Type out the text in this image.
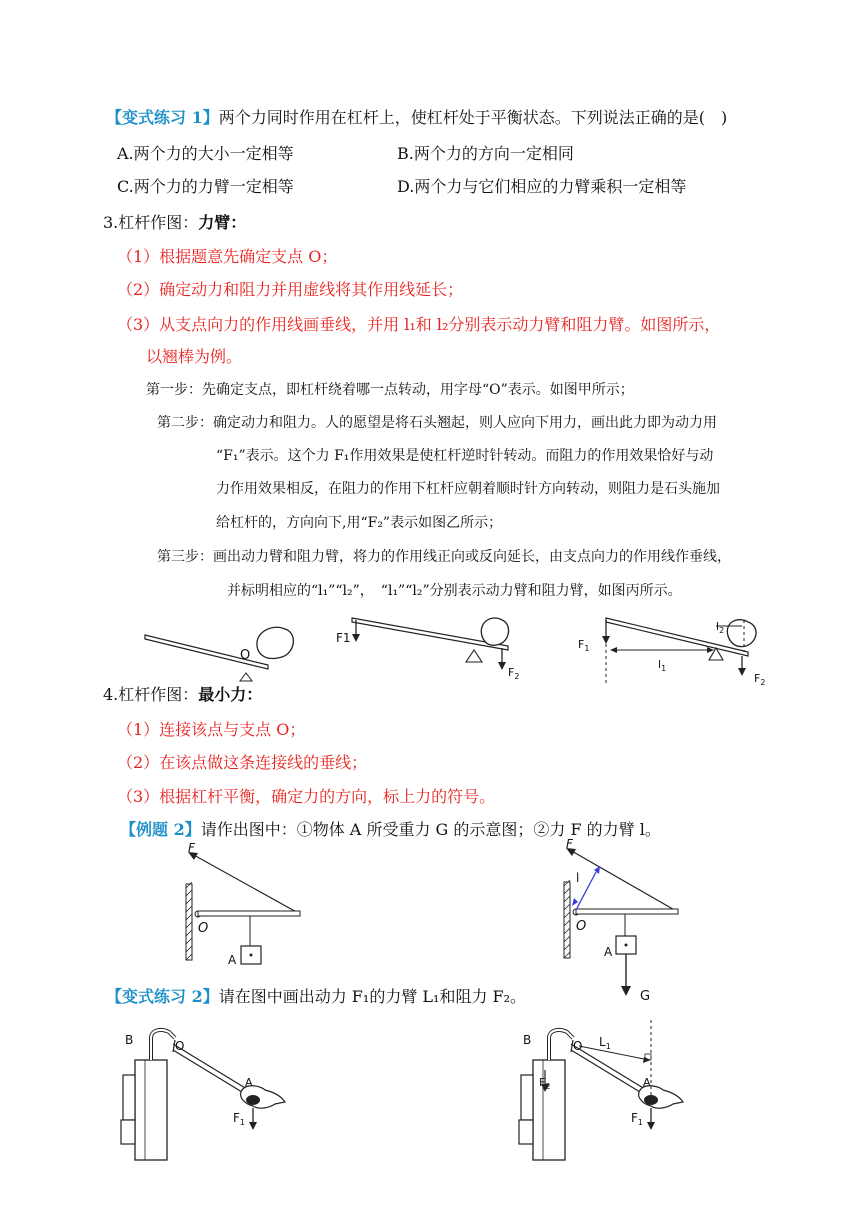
【变式练习 1】两个力同时作用在杠杆上，使杠杆处于平衡状态。下列说法正确的是(　)
A.两个力的大小一定相等	B.两个力的方向一定相同
C.两个力的力臂一定相等	D.两个力与它们相应的力臂乘积一定相等
3.杠杆作图：力臂：
（1）根据题意先确定支点 O；
（2）确定动力和阻力并用虚线将其作用线延长；
（3）从支点向力的作用线画垂线，并用 l₁和 l₂分别表示动力臂和阻力臂。如图所示，
以翘棒为例。
第一步：先确定支点，即杠杆绕着哪一点转动，用字母“O”表示。如图甲所示；
第二步：确定动力和阻力。人的愿望是将石头翘起，则人应向下用力，画出此力即为动力用
“F₁”表示。这个力 F₁作用效果是使杠杆逆时针转动。而阻力的作用效果恰好与动
力作用效果相反，在阻力的作用下杠杆应朝着顺时针方向转动，则阻力是石头施加
给杠杆的，方向向下,用“F₂”表示如图乙所示；
第三步：画出动力臂和阻力臂，将力的作用线正向或反向延长，由支点向力的作用线作垂线，
并标明相应的“l₁”“l₂”，　“l₁”“l₂”分别表示动力臂和阻力臂，如图丙所示。
O
F1
$F_2$
$F_1$
$l_1$
$l_2$
$F_2$
4.杠杆作图：最小力：
（1）连接该点与支点 O；
（2）在该点做这条连接线的垂线；
（3）根据杠杆平衡，确定力的方向，标上力的符号。
【例题 2】请作出图中：①物体 A 所受重力 G 的示意图；②力 F 的力臂 l。
F
O
A
F
l
O
A
G
【变式练习 2】请在图中画出动力 F₁的力臂 L₁和阻力 F₂。
B	O
A
$F_1$
B	O $L_1$
$F_2$	A
$F_1$
